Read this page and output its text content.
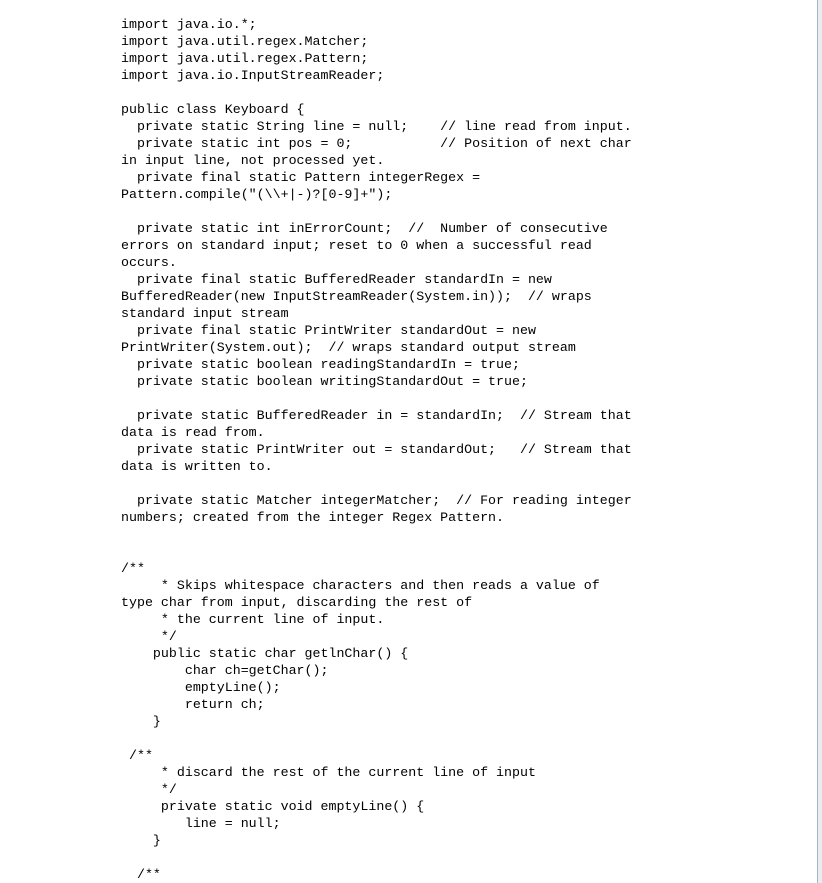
import java.io.*;
import java.util.regex.Matcher;
import java.util.regex.Pattern;
import java.io.InputStreamReader;
public class Keyboard {
private static String line = null;    // line read from input.
private static int pos = 0;           // Position of next char
in input line, not processed yet.
private final static Pattern integerRegex =
Pattern.compile("(\\+|-)?[0-9]+");
private static int inErrorCount;  //  Number of consecutive
errors on standard input; reset to 0 when a successful read
occurs.
private final static BufferedReader standardIn = new
BufferedReader(new InputStreamReader(System.in));  // wraps
standard input stream
private final static PrintWriter standardOut = new
PrintWriter(System.out);  // wraps standard output stream
private static boolean readingStandardIn = true;
private static boolean writingStandardOut = true;
private static BufferedReader in = standardIn;  // Stream that
data is read from.
private static PrintWriter out = standardOut;   // Stream that
data is written to.
private static Matcher integerMatcher;  // For reading integer
numbers; created from the integer Regex Pattern.
/**
* Skips whitespace characters and then reads a value of
type char from input, discarding the rest of
* the current line of input.
*/
public static char getlnChar() {
char ch=getChar();
emptyLine();
return ch;
}
/**
* discard the rest of the current line of input
*/
private static void emptyLine() {
line = null;
}
/**
